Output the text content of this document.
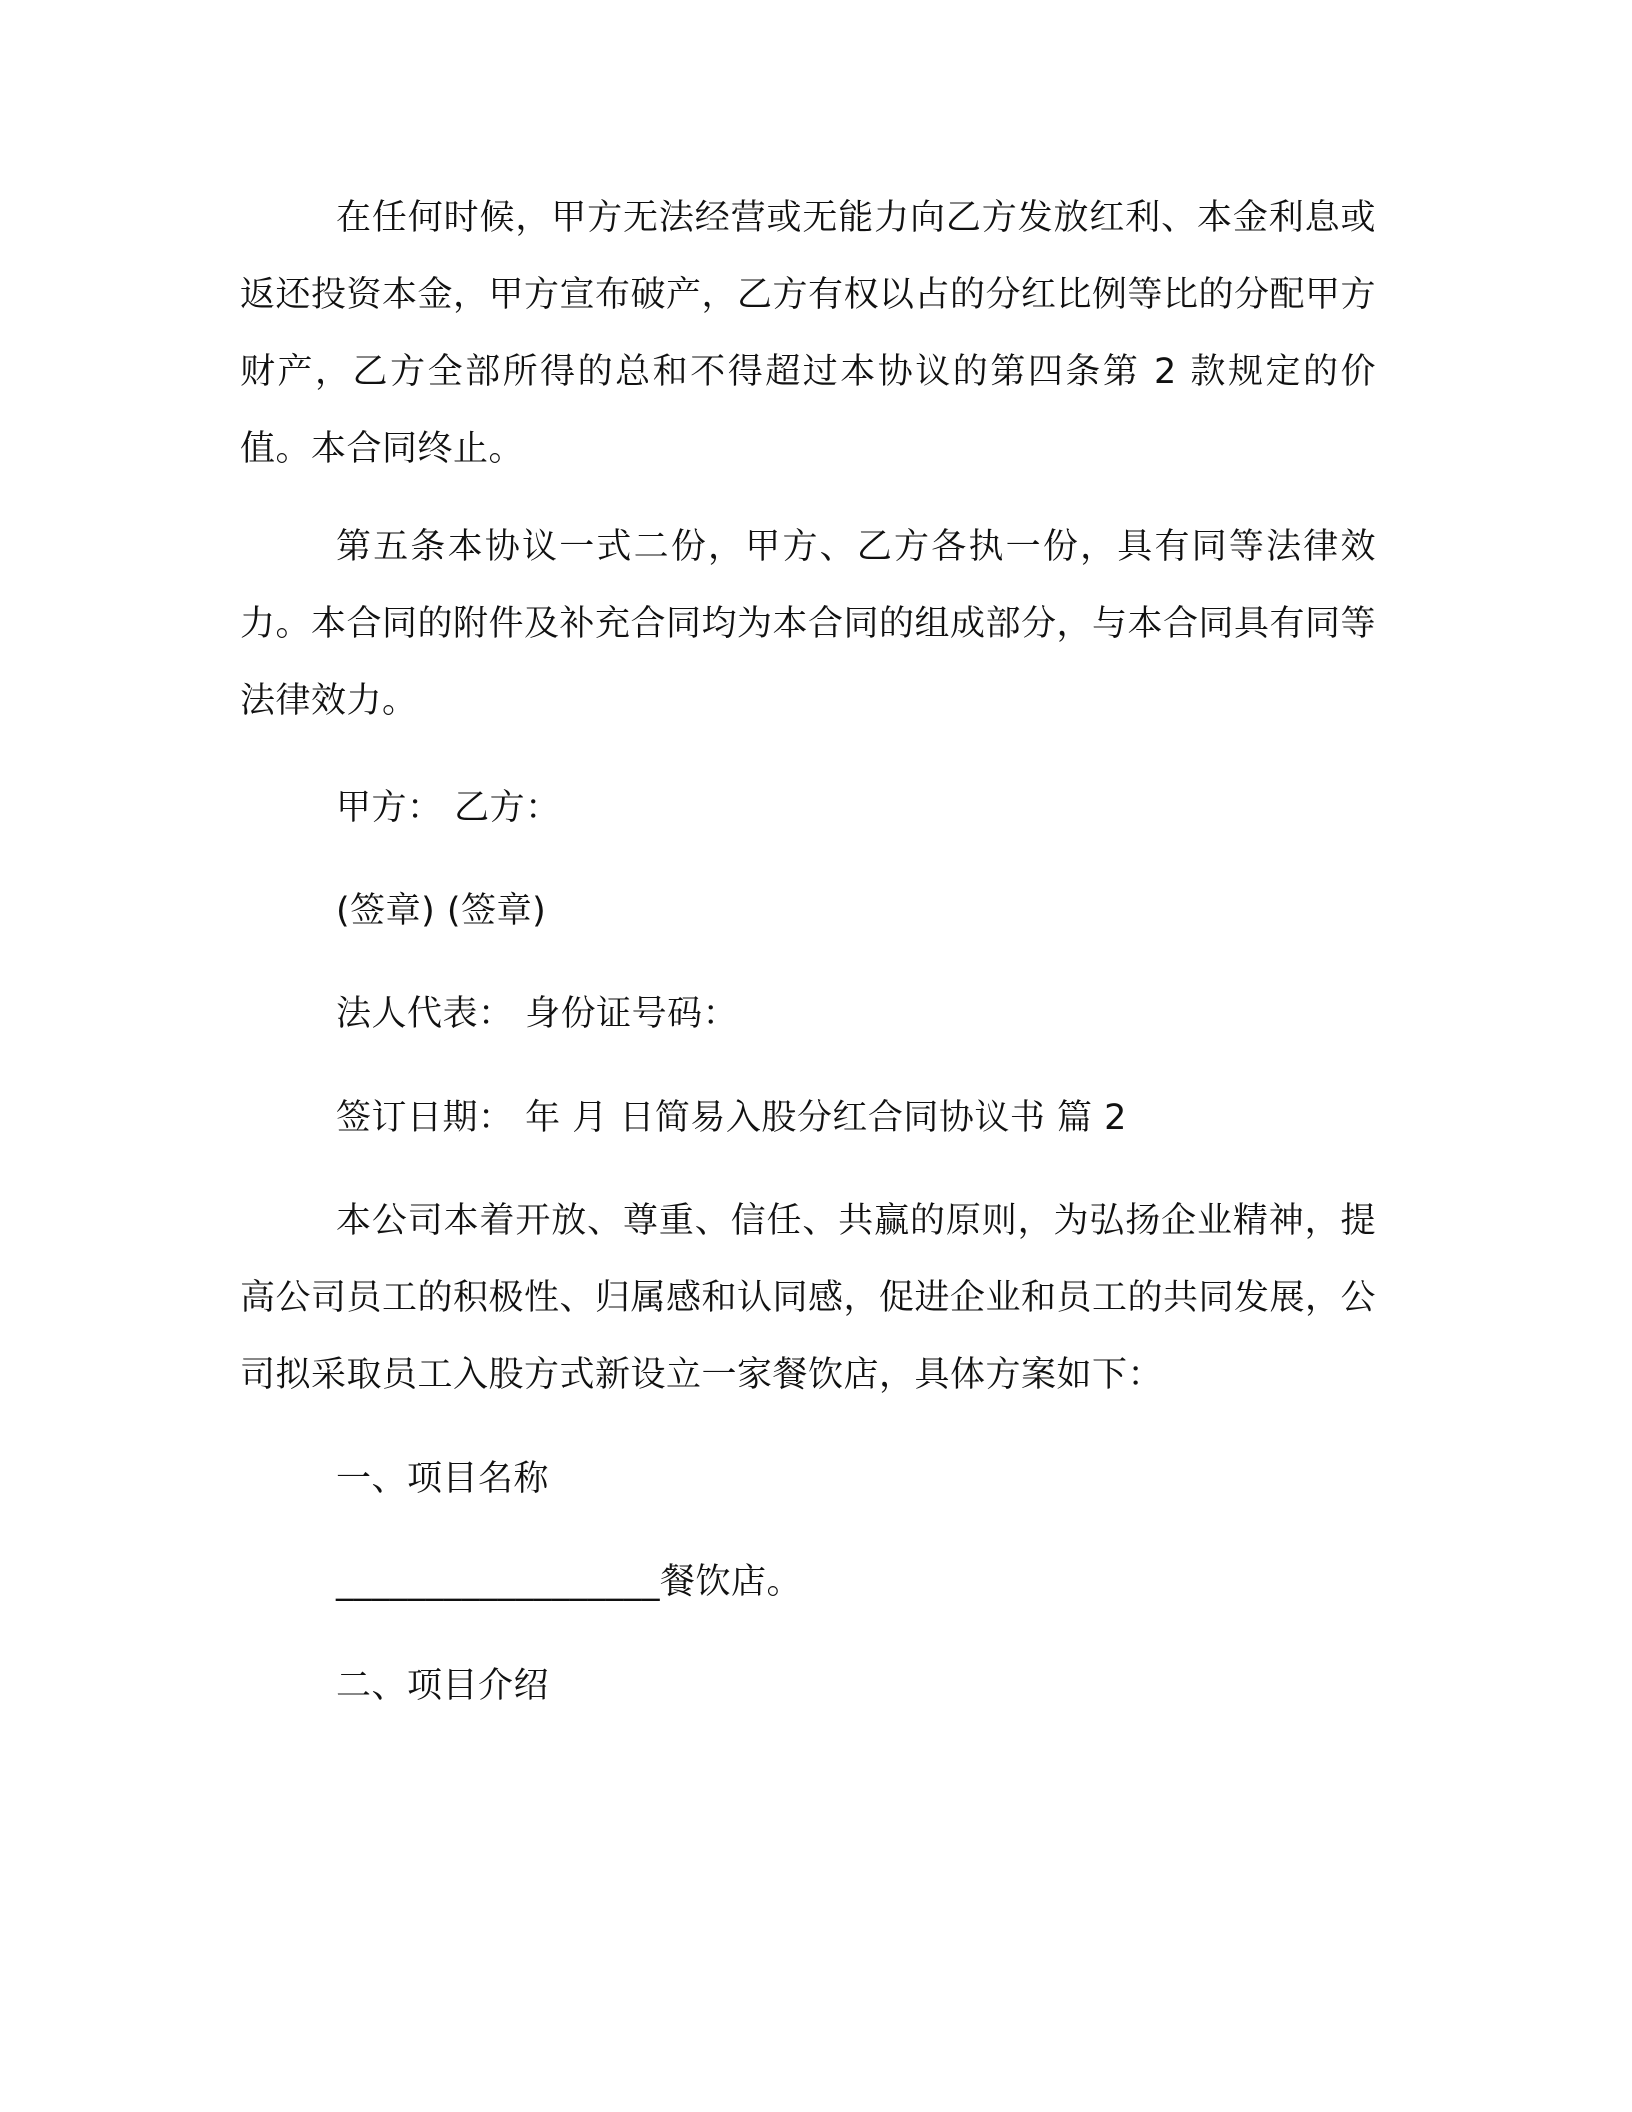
在任何时候，甲方无法经营或无能力向乙方发放红利、本金利息或返还投资本金，甲方宣布破产，乙方有权以占的分红比例等比的分配甲方财产，乙方全部所得的总和不得超过本协议的第四条第 2 款规定的价值。本合同终止。

第五条本协议一式二份，甲方、乙方各执一份，具有同等法律效力。本合同的附件及补充合同均为本合同的组成部分，与本合同具有同等法律效力。

甲方： 乙方：
(签章) (签章)
法人代表： 身份证号码：
签订日期： 年 月 日简易入股分红合同协议书 篇 2

本公司本着开放、尊重、信任、共赢的原则，为弘扬企业精神，提高公司员工的积极性、归属感和认同感，促进企业和员工的共同发展，公司拟采取员工入股方式新设立一家餐饮店，具体方案如下：

一、项目名称
__________________餐饮店。
二、项目介绍
